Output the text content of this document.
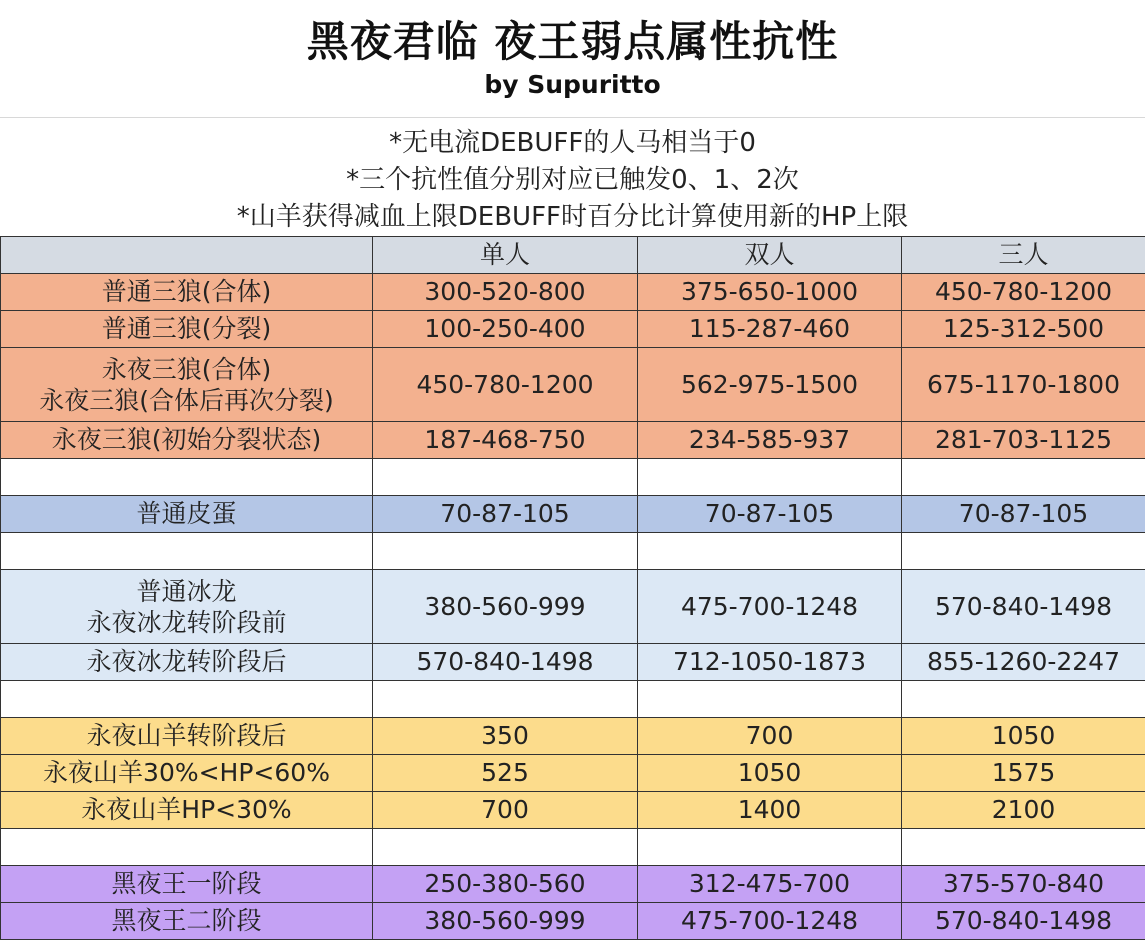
黑夜君临 夜王弱点属性抗性
by Supuritto
*无电流DEBUFF的人马相当于0
*三个抗性值分别对应已触发0、1、2次
*山羊获得减血上限DEBUFF时百分比计算使用新的HP上限
	单人	双人	三人
普通三狼(合体)	300-520-800	375-650-1000	450-780-1200
普通三狼(分裂)	100-250-400	115-287-460	125-312-500

永夜三狼(合体)
永夜三狼(合体后再次分裂)	450-780-1200	562-975-1500	675-1170-1800
永夜三狼(初始分裂状态)	187-468-750	234-585-937	281-703-1125

普通皮蛋	70-87-105	70-87-105	70-87-105

普通冰龙
永夜冰龙转阶段前	380-560-999	475-700-1248	570-840-1498
永夜冰龙转阶段后	570-840-1498	712-1050-1873	855-1260-2247

永夜山羊转阶段后	350	700	1050
永夜山羊30%<HP<60%	525	1050	1575
永夜山羊HP<30%	700	1400	2100

黑夜王一阶段	250-380-560	312-475-700	375-570-840
黑夜王二阶段	380-560-999	475-700-1248	570-840-1498
